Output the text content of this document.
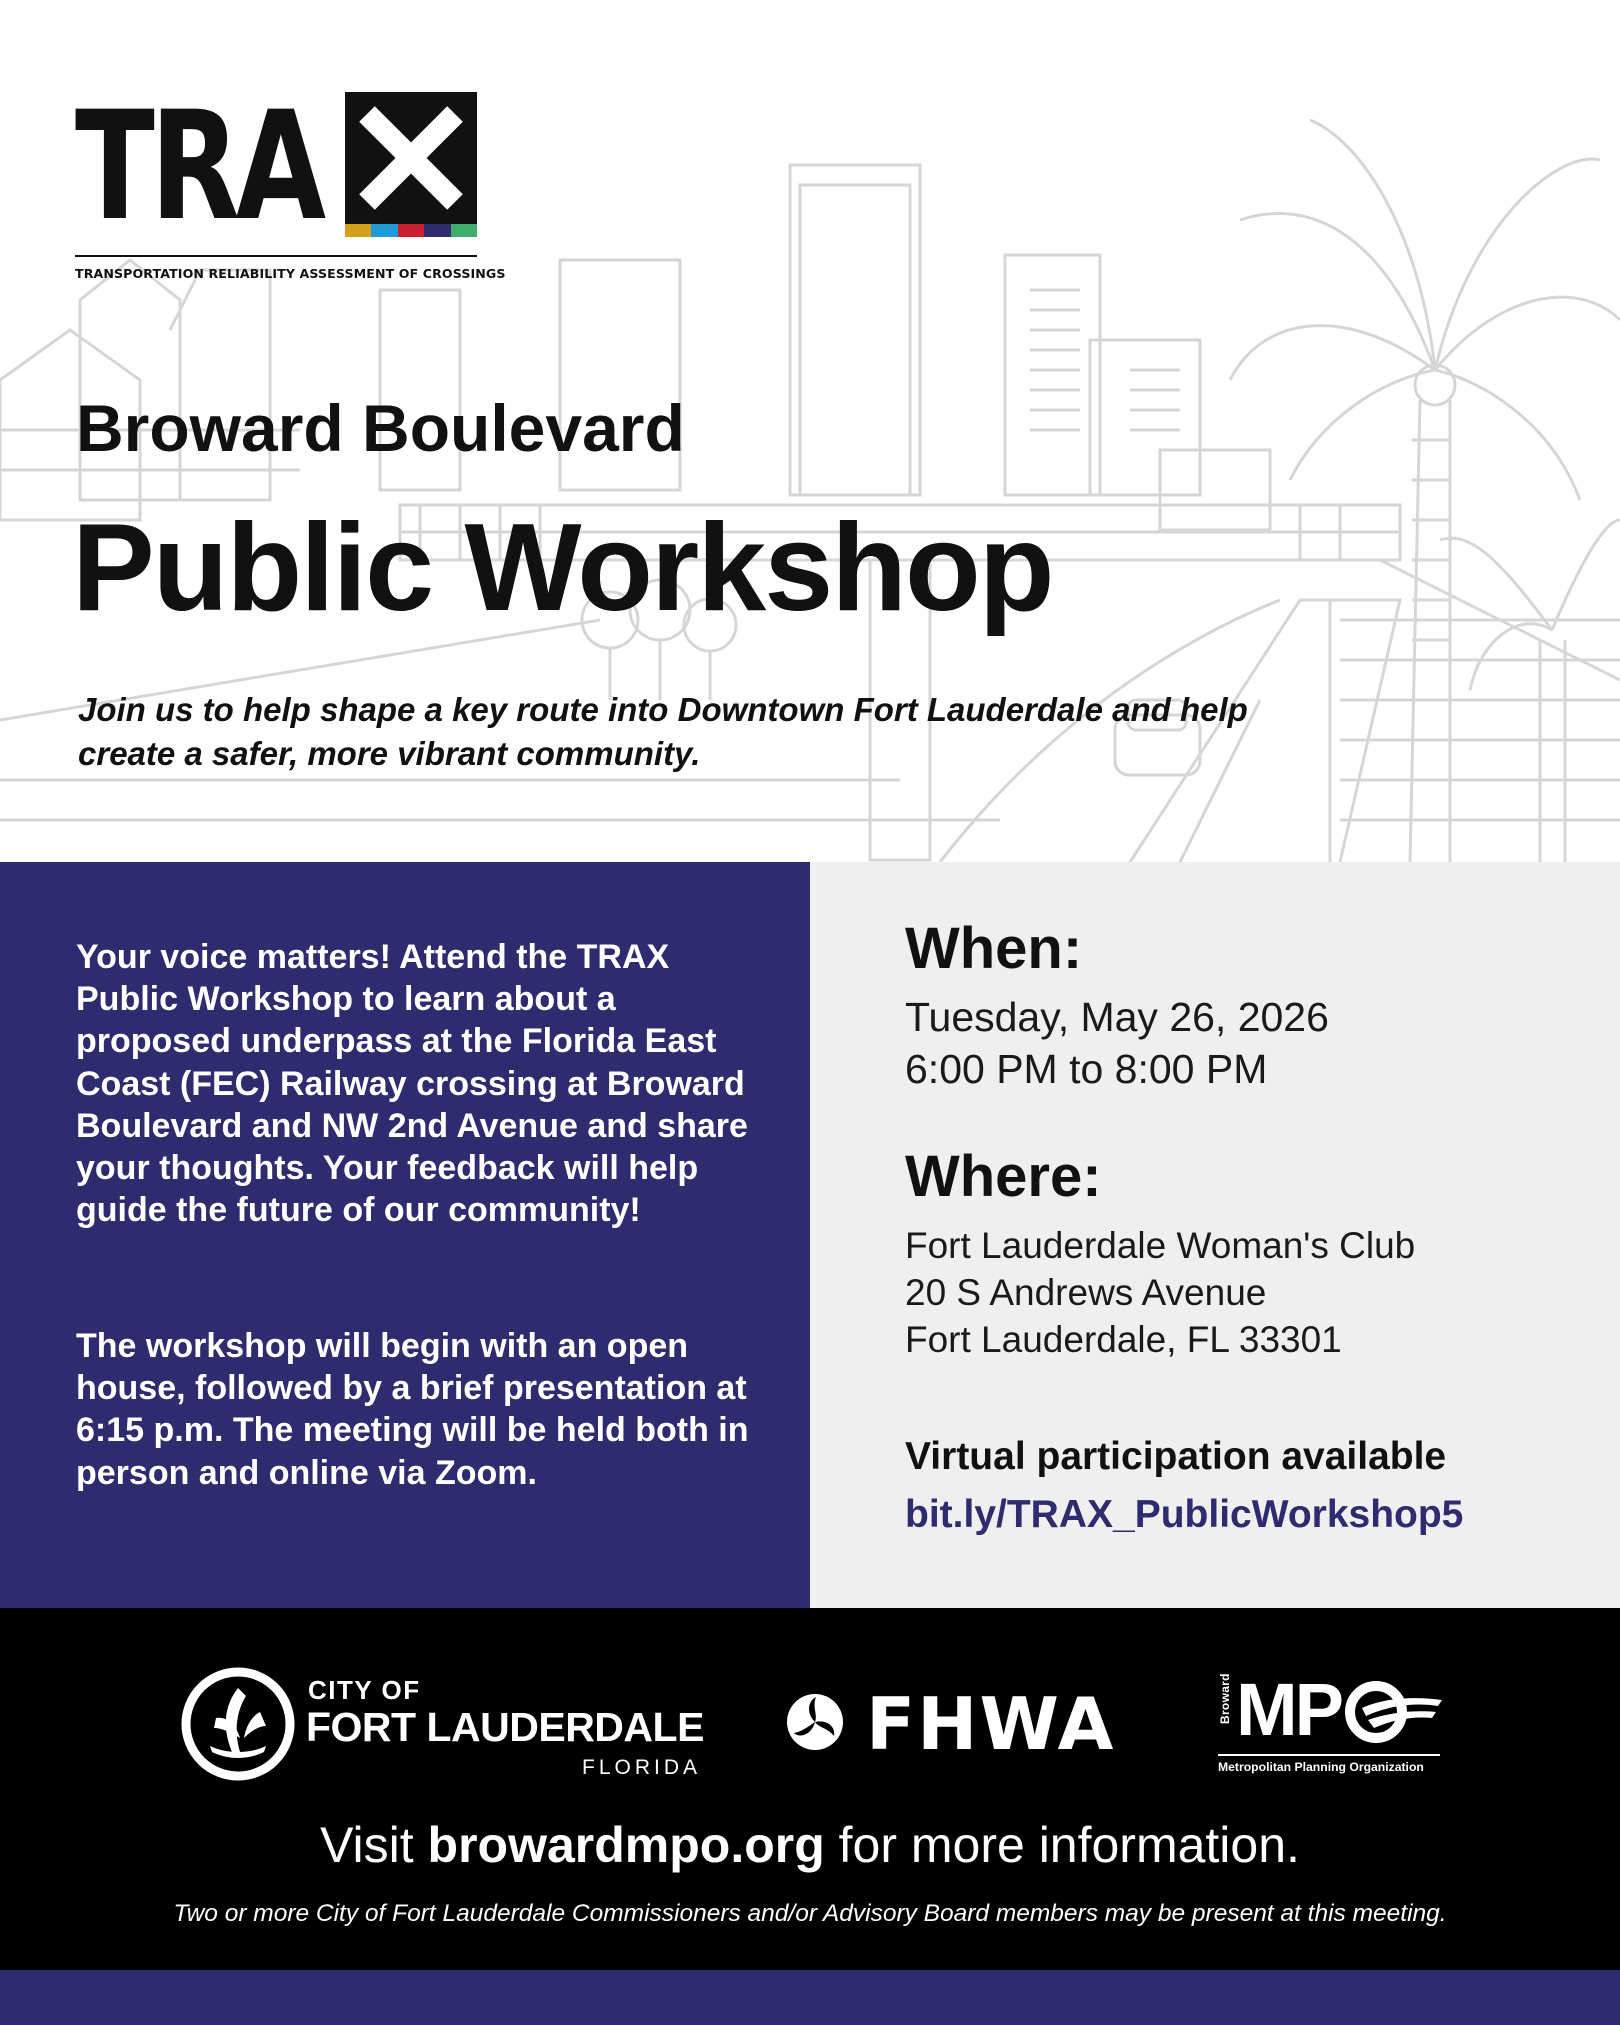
TRA
TRANSPORTATION RELIABILITY ASSESSMENT OF CROSSINGS
Broward Boulevard
Public Workshop
Join us to help shape a key route into Downtown Fort Lauderdale and help create a safer, more vibrant community.

Your voice matters! Attend the TRAX Public Workshop to learn about a proposed underpass at the Florida East Coast (FEC) Railway crossing at Broward Boulevard and NW 2nd Avenue and share your thoughts. Your feedback will help guide the future of our community!

The workshop will begin with an open house, followed by a brief presentation at 6:15 p.m. The meeting will be held both in person and online via Zoom.

When:
Tuesday, May 26, 2026
6:00 PM to 8:00 PM
Where:
Fort Lauderdale Woman's Club
20 S Andrews Avenue
Fort Lauderdale, FL 33301
Virtual participation available
bit.ly/TRAX_PublicWorkshop5
CITY OF
FORT LAUDERDALE
FLORIDA
FHWA	Broward MP
Metropolitan Planning Organization
Visit browardmpo.org for more information.
Two or more City of Fort Lauderdale Commissioners and/or Advisory Board members may be present at this meeting.
